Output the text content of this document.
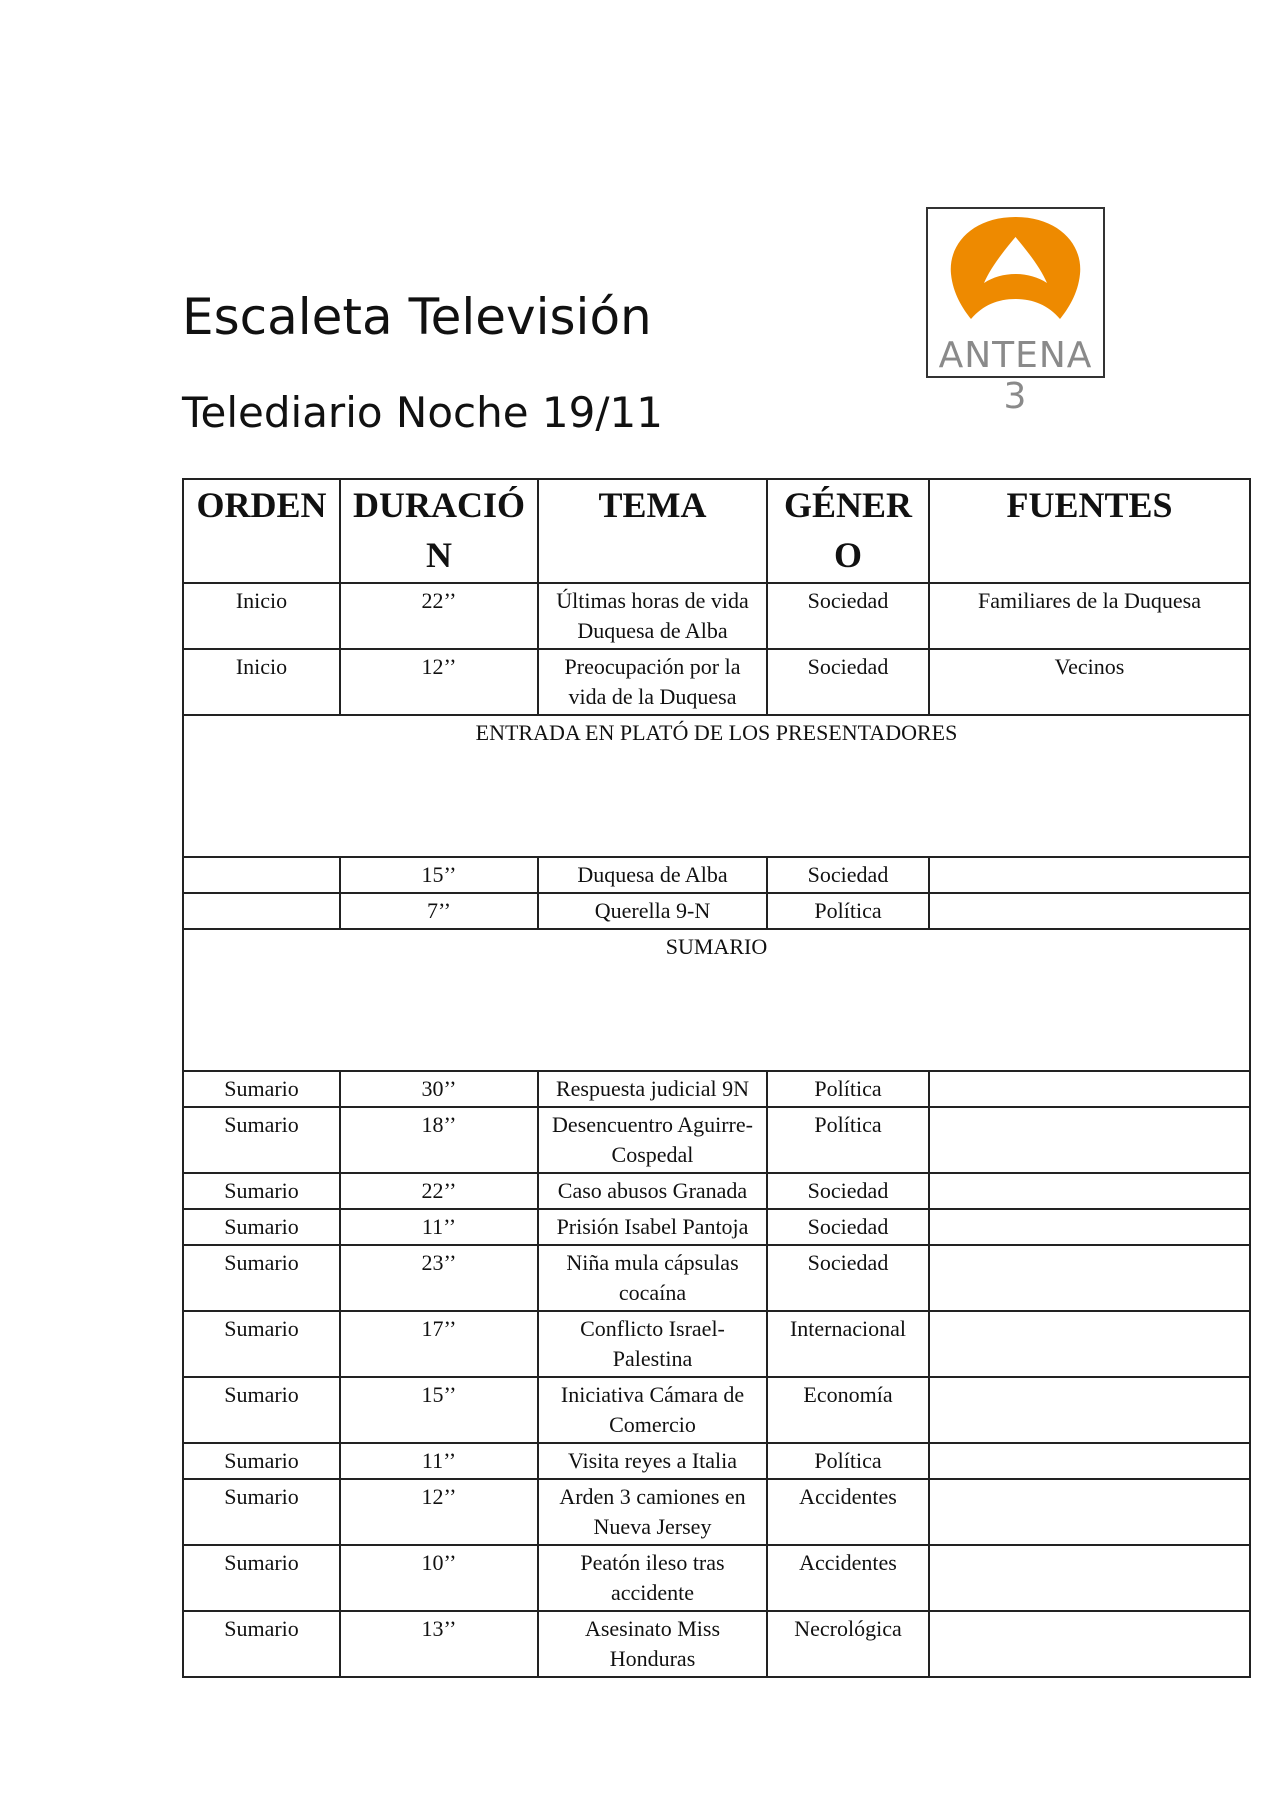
Escaleta Televisión
Telediario Noche 19/11
ANTENA 3
ORDEN	DURACIÓN	TEMA	GÉNERO	FUENTES
Inicio	22’’	Últimas horas de vida Duquesa de Alba	Sociedad	Familiares de la Duquesa
Inicio	12’’	Preocupación por la vida de la Duquesa	Sociedad	Vecinos
ENTRADA EN PLATÓ DE LOS PRESENTADORES				
	15’’	Duquesa de Alba	Sociedad	
	7’’	Querella 9-N	Política	
SUMARIO				
Sumario	30’’	Respuesta judicial 9N	Política	
Sumario	18’’	Desencuentro Aguirre-Cospedal	Política	
Sumario	22’’	Caso abusos Granada	Sociedad	
Sumario	11’’	Prisión Isabel Pantoja	Sociedad	
Sumario	23’’	Niña mula cápsulas cocaína	Sociedad	
Sumario	17’’	Conflicto Israel-Palestina	Internacional	
Sumario	15’’	Iniciativa Cámara de Comercio	Economía	
Sumario	11’’	Visita reyes a Italia	Política	
Sumario	12’’	Arden 3 camiones en Nueva Jersey	Accidentes	
Sumario	10’’	Peatón ileso tras accidente	Accidentes	
Sumario	13’’	Asesinato Miss Honduras	Necrológica	
